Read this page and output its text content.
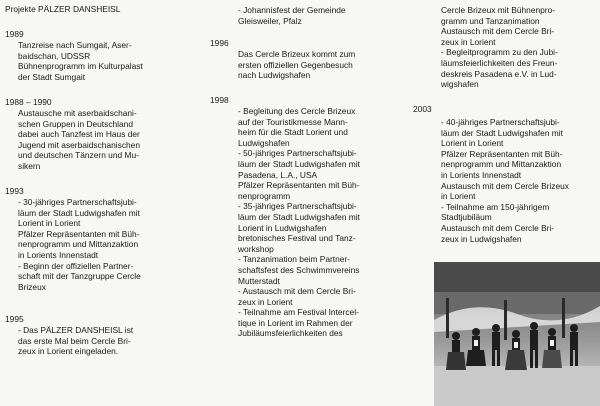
Projekte PÄLZER DANSHEISL
1989
Tanzreise nach Sumgait, Aser-
baidschan, UDSSR
Bühnenprogramm im Kulturpalast
der Stadt Sumgait
1988 – 1990
Austausche mit aserbaidschani-
schen Gruppen in Deutschland
dabei auch Tanzfest im Haus der
Jugend mit aserbaidschanischen
und deutschen Tänzern und Mu-
sikern
1993
- 30-jähriges Partnerschaftsjubi-
läum der Stadt Ludwigshafen mit
Lorient in Lorient
Pfälzer Repräsentanten mit Büh-
nenprogramm und Mittanzaktion
in Lorients Innenstadt
- Beginn der offiziellen Partner-
schaft mit der Tanzgruppe Cercle
Brizeux
1995
- Das PÄLZER DANSHEISL ist
das erste Mal beim Cercle Bri-
zeux in Lorient eingeladen.
- Johannisfest der Gemeinde
Gleisweiler, Pfalz
1996
Das Cercle Brizeux kommt zum
ersten offiziellen Gegenbesuch
nach Ludwigshafen
1998
- Begleitung des Cercle Brizeux
auf der Touristikmesse Mann-
heim für die Stadt Lorient und
Ludwigshafen
- 50-jähriges Partnerschaftsjubi-
läum der Stadt Ludwigshafen mit
Pasadena, L.A., USA
Pfälzer Repräsentanten mit Büh-
nenprogramm
- 35-jähriges Partnerschaftsjubi-
läum der Stadt Ludwigshafen mit
Lorient in Ludwigshafen
bretonisches Festival und Tanz-
workshop
- Tanzanimation beim Partner-
schaftsfest des Schwimmvereins
Mutterstadt
- Austausch mit dem Cercle Bri-
zeux in Lorient
- Teilnahme am Festival Intercel-
tique in Lorient im Rahmen der
Jubiläumsfeierlichkeiten des
Cercle Brizeux mit Bühnenpro-
gramm und Tanzanimation
Austausch mit dem Cercle Bri-
zeux in Lorient
- Begleitprogramm zu den Jubi-
läumsfeierlichkeiten des Freun-
deskreis Pasadena e.V. in Lud-
wigshafen
2003
- 40-jähriges Partnerschaftsjubi-
läum der Stadt Ludwigshafen mit
Lorient in Lorient
Pfälzer Repräsentanten mit Büh-
nenprogramm und Mittanzaktion
in Lorients Innenstadt
Austausch mit dem Cercle Brizeux
in Lorient
- Teilnahme am 150-jährigem
Stadtjubiläum
Austausch mit dem Cercle Bri-
zeux in Ludwigshafen
